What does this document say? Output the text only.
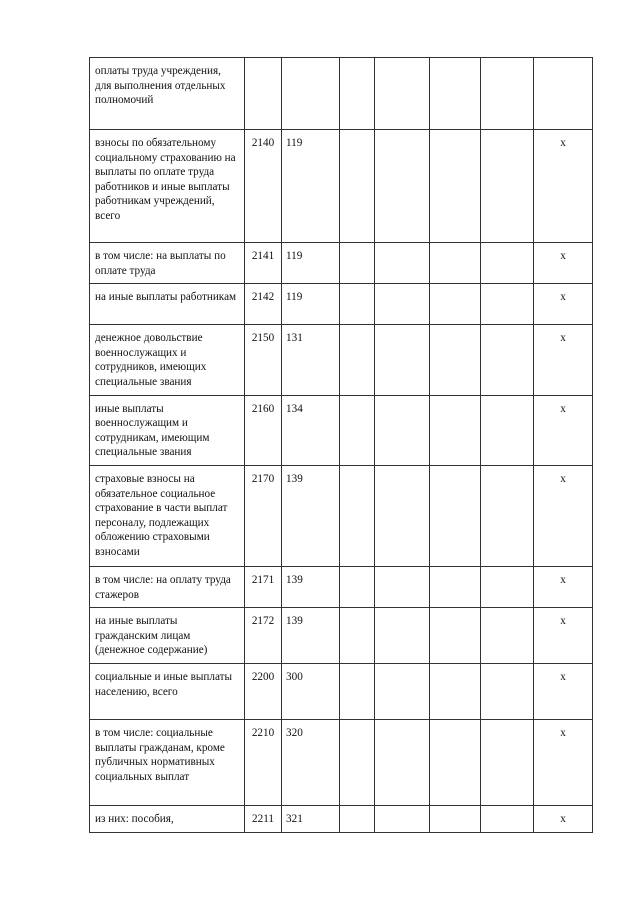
оплаты труда учреждения, для выполнения отдельных полномочий							
взносы по обязательному социальному страхованию на выплаты по оплате труда работников и иные выплаты работникам учреждений, всего	2140	119					x
в том числе: на выплаты по оплате труда	2141	119					x
на иные выплаты работникам	2142	119					x
денежное довольствие военнослужащих и сотрудников, имеющих специальные звания	2150	131					x
иные выплаты военнослужащим и сотрудникам, имеющим специальные звания	2160	134					x
страховые взносы на обязательное социальное страхование в части выплат персоналу, подлежащих обложению страховыми взносами	2170	139					x
в том числе: на оплату труда стажеров	2171	139					x
на иные выплаты гражданским лицам (денежное содержание)	2172	139					x
социальные и иные выплаты населению, всего	2200	300					x
в том числе: социальные выплаты гражданам, кроме публичных нормативных социальных выплат	2210	320					x
из них: пособия,	2211	321					x
